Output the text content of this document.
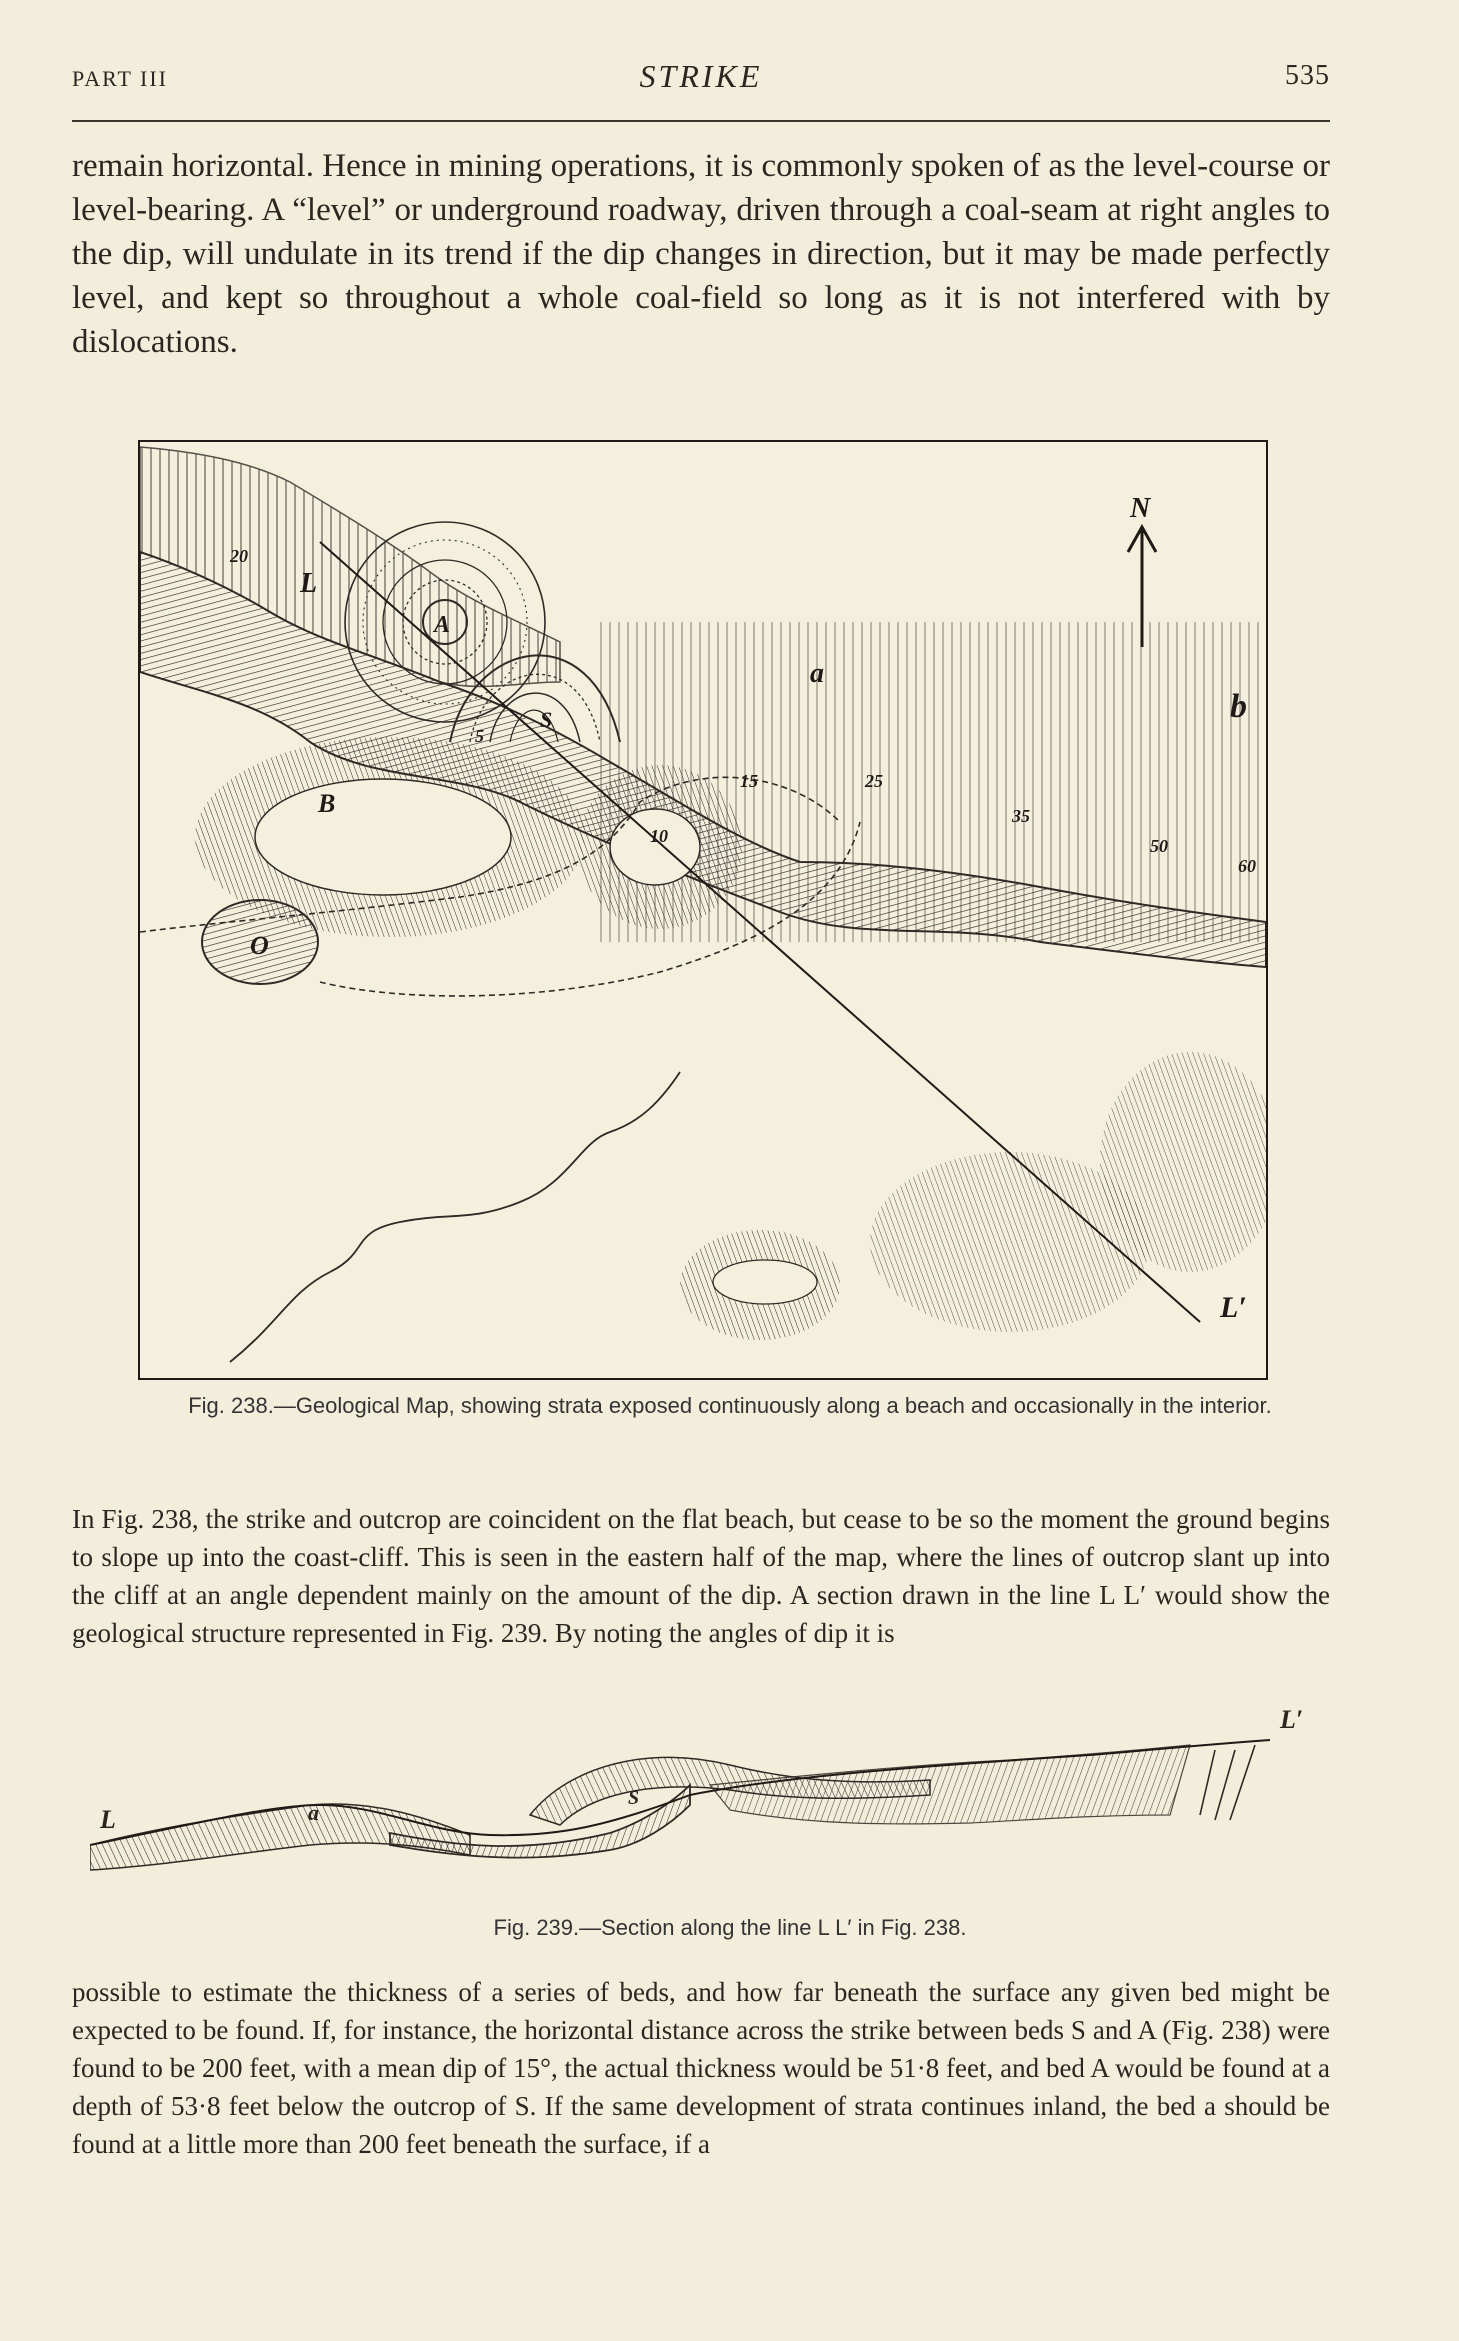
PART III	STRIKE	535
remain horizontal. Hence in mining operations, it is commonly spoken of as the level-course or level-bearing. A “level” or underground roadway, driven through a coal-seam at right angles to the dip, will undulate in its trend if the dip changes in direction, but it may be made perfectly level, and kept so throughout a whole coal-field so long as it is not interfered with by dislocations.
N
a
b
B
A
S
L
L′
O
20
5
10
15	25
35
50
60
Fig. 238.—Geological Map, showing strata exposed continuously along a beach and occasionally in the interior.
In Fig. 238, the strike and outcrop are coincident on the flat beach, but cease to be so the moment the ground begins to slope up into the coast-cliff. This is seen in the eastern half of the map, where the lines of outcrop slant up into the cliff at an angle dependent mainly on the amount of the dip. A section drawn in the line L L′ would show the geological structure represented in Fig. 239. By noting the angles of dip it is
L	a
S
L′
Fig. 239.—Section along the line L L′ in Fig. 238.
possible to estimate the thickness of a series of beds, and how far beneath the surface any given bed might be expected to be found. If, for instance, the horizontal distance across the strike between beds S and A (Fig. 238) were found to be 200 feet, with a mean dip of 15°, the actual thickness would be 51·8 feet, and bed A would be found at a depth of 53·8 feet below the outcrop of S. If the same development of strata continues inland, the bed a should be found at a little more than 200 feet beneath the surface, if a
